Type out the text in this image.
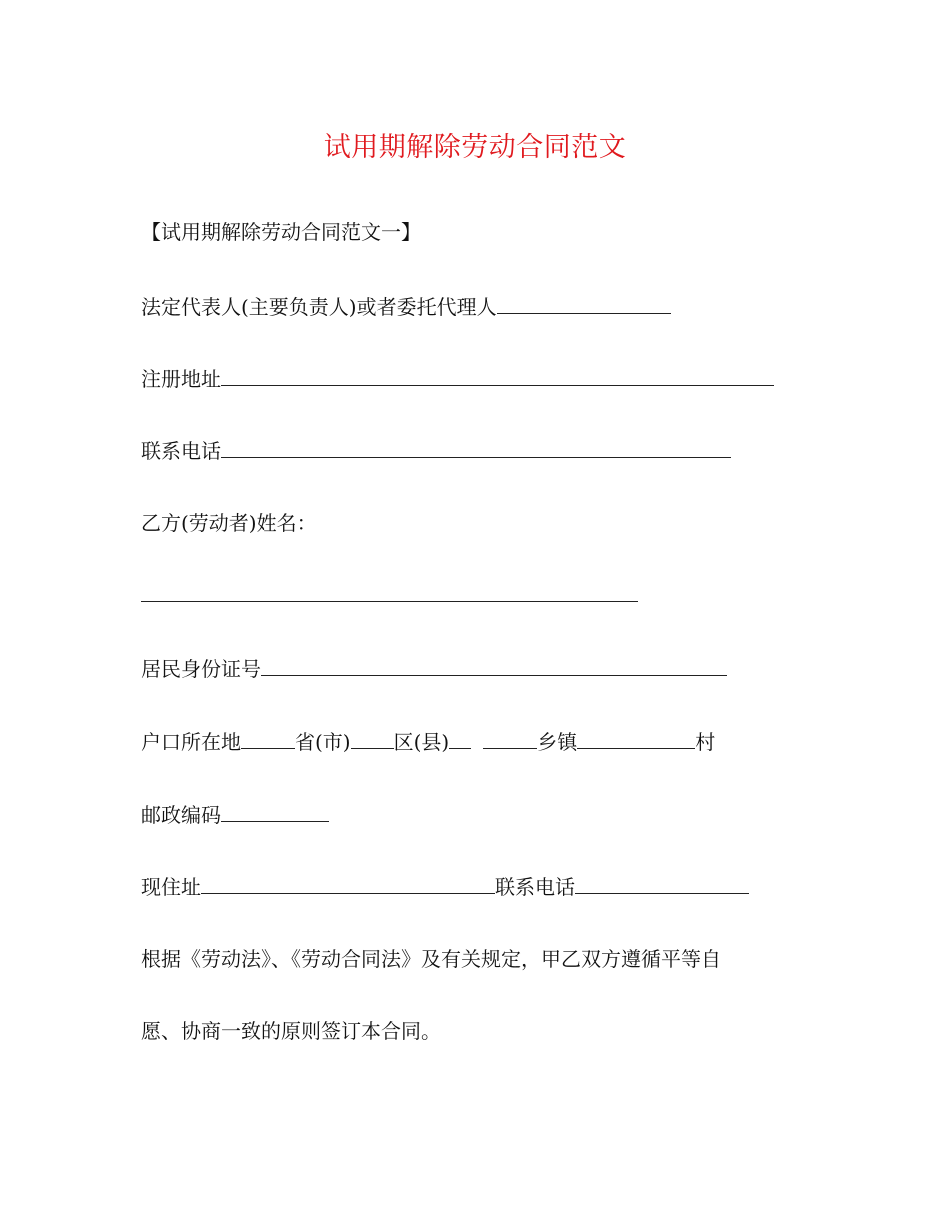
试用期解除劳动合同范文
【试用期解除劳动合同范文一】
法定代表人(主要负责人)或者委托代理人
注册地址
联系电话
乙方(劳动者)姓名：
居民身份证号
户口所在地	省(市) 区(县)	乡镇	村
邮政编码
现住址	联系电话
根据《劳动法》、《劳动合同法》及有关规定，甲乙双方遵循平等自
愿、协商一致的原则签订本合同。
